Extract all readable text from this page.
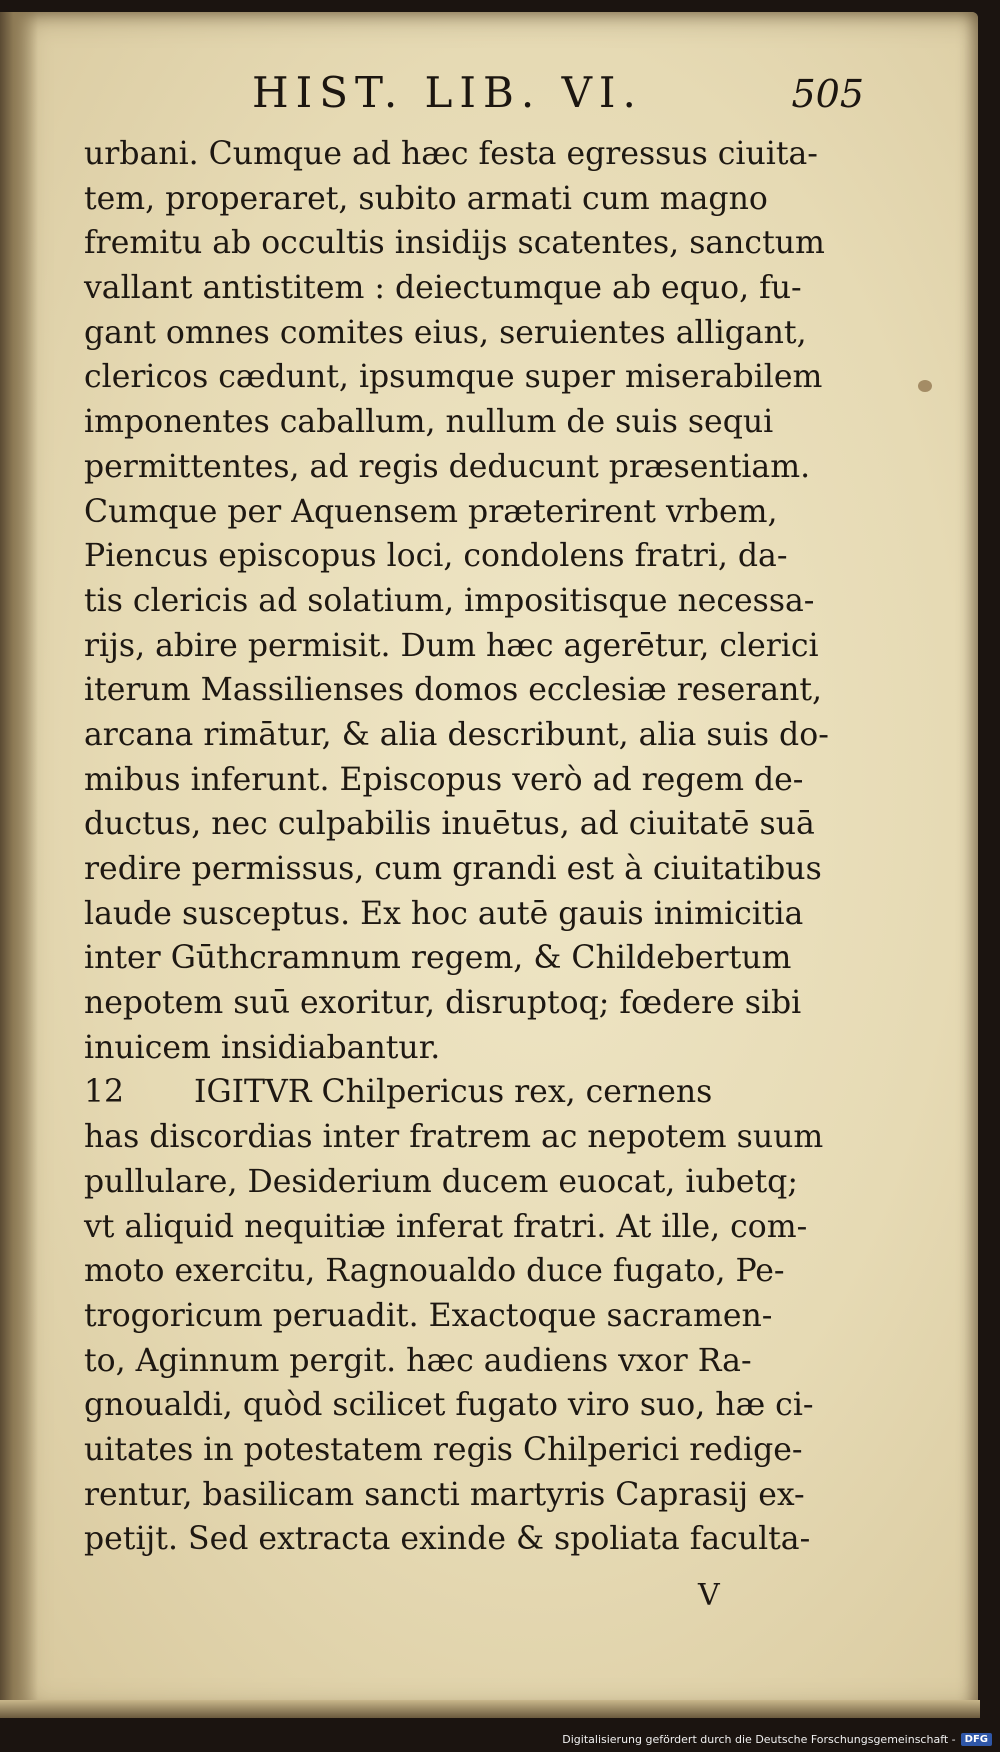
HIST. LIB. VI.	505
urbani. Cumque ad hæc festa egressus ciuita-
tem, properaret, subito armati cum magno
fremitu ab occultis insidijs scatentes, sanctum
vallant antistitem : deiectumque ab equo, fu-
gant omnes comites eius, seruientes alligant,
clericos cædunt, ipsumque super miserabilem
imponentes caballum, nullum de suis sequi
permittentes, ad regis deducunt præsentiam.
Cumque per Aquensem præterirent vrbem,
Piencus episcopus loci, condolens fratri, da-
tis clericis ad solatium, impositisque necessa-
rijs, abire permisit. Dum hæc agerētur, clerici
iterum Massilienses domos ecclesiæ reserant,
arcana rimātur, & alia describunt, alia suis do-
mibus inferunt. Episcopus verò ad regem de-
ductus, nec culpabilis inuētus, ad ciuitatē suā
redire permissus, cum grandi est à ciuitatibus
laude susceptus. Ex hoc autē gauis inimicitia
inter Gūthcramnum regem, & Childebertum
nepotem suū exoritur, disruptoq; fœdere sibi
inuicem insidiabantur.
12 IGITVR Chilpericus rex, cernens
has discordias inter fratrem ac nepotem suum
pullulare, Desiderium ducem euocat, iubetq;
vt aliquid nequitiæ inferat fratri. At ille, com-
moto exercitu, Ragnoualdo duce fugato, Pe-
trogoricum peruadit. Exactoque sacramen-
to, Aginnum pergit. hæc audiens vxor Ra-
gnoualdi, quòd scilicet fugato viro suo, hæ ci-
uitates in potestatem regis Chilperici redige-
rentur, basilicam sancti martyris Caprasij ex-
petijt. Sed extracta exinde & spoliata faculta-
V
Digitalisierung gefördert durch die Deutsche Forschungsgemeinschaft - DFG
